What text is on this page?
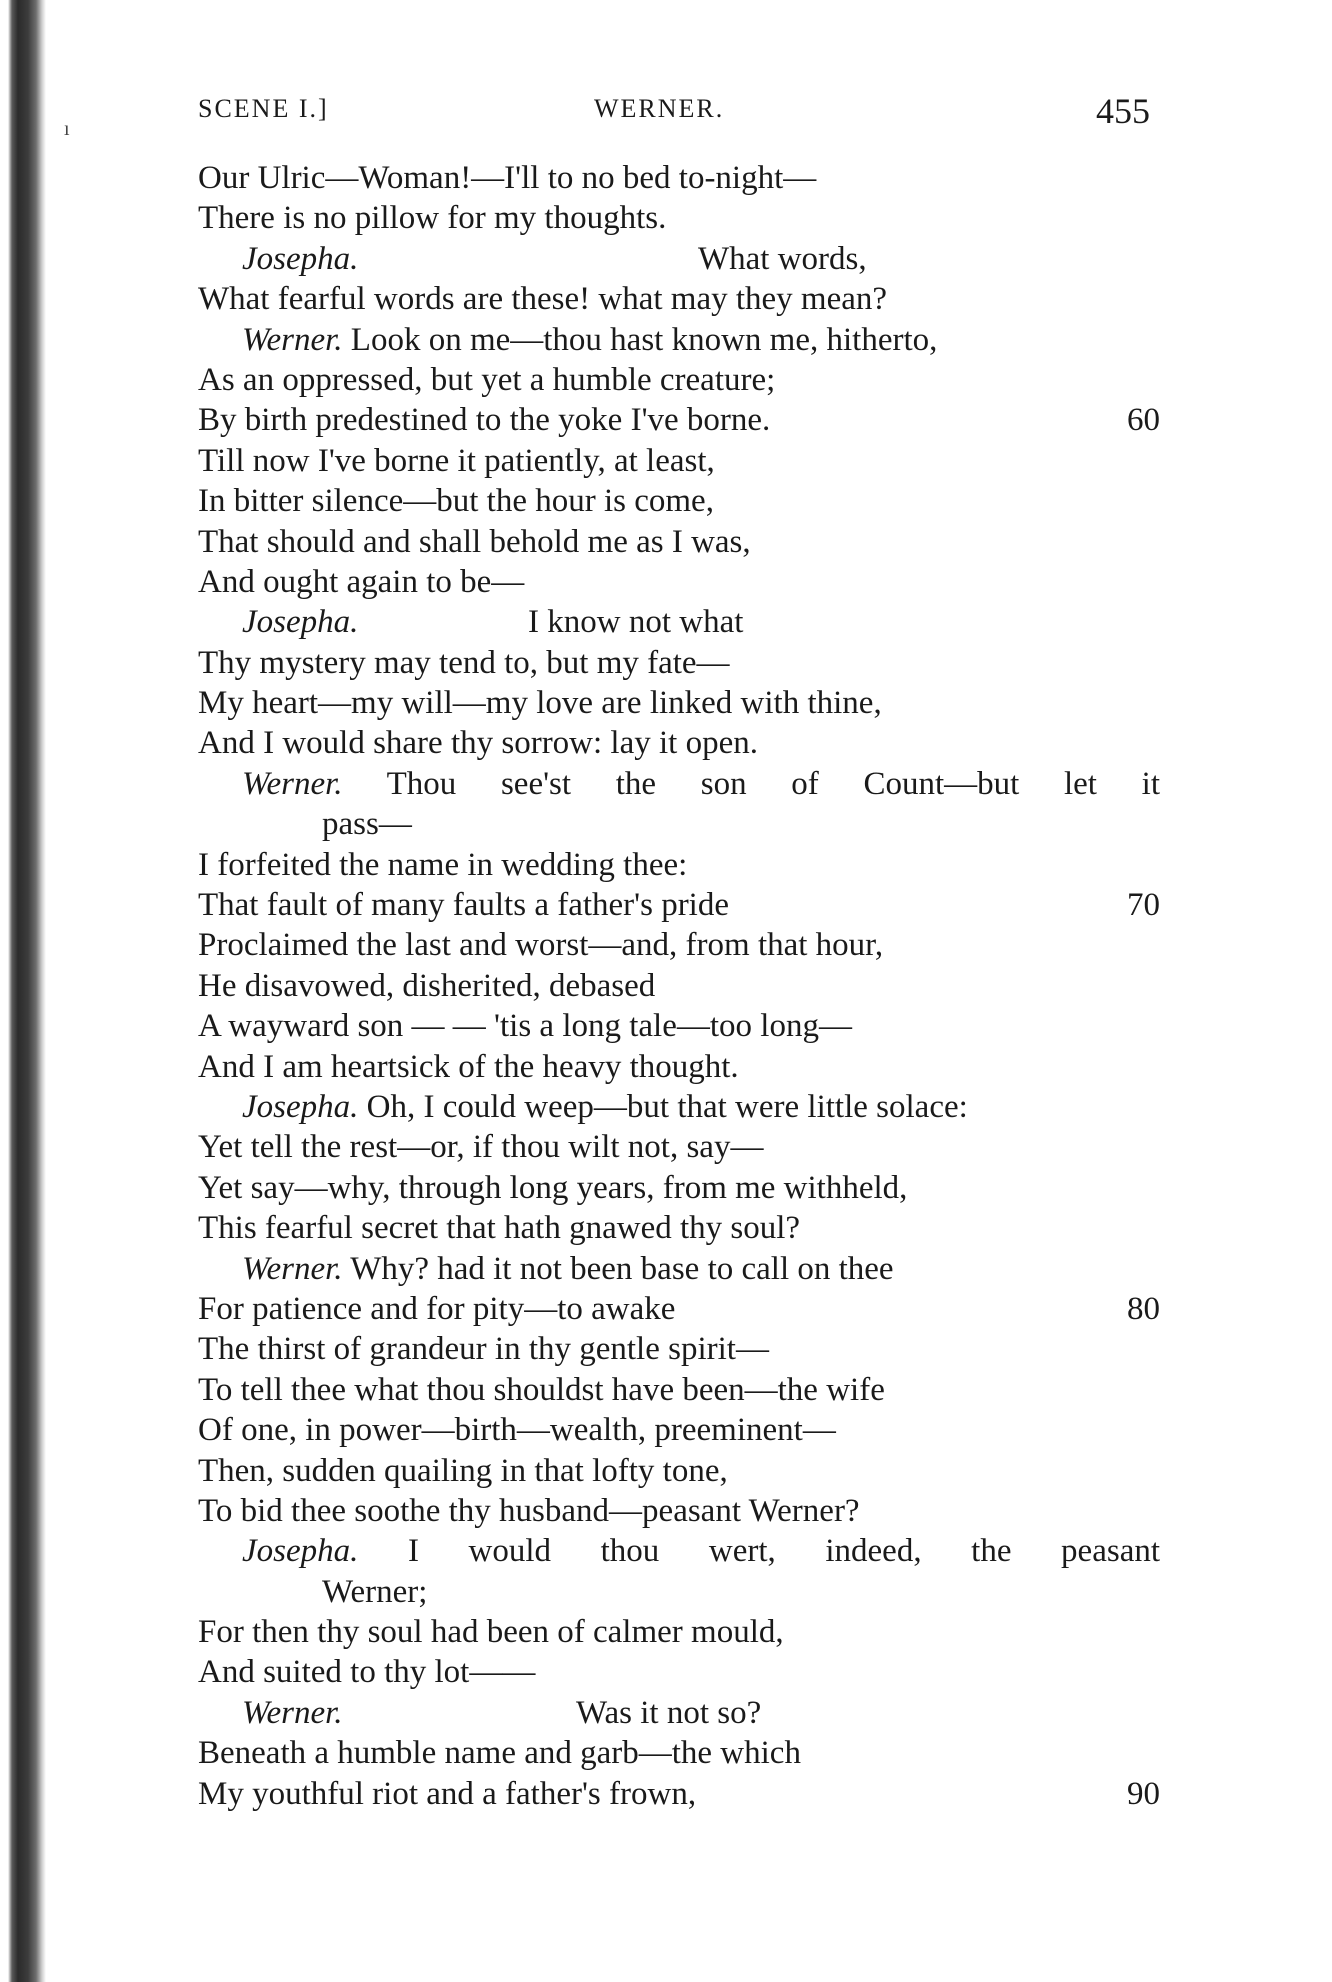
ı
SCENE I.]	WERNER.	455
Our Ulric—Woman!—I'll to no bed to-night—
There is no pillow for my thoughts.
Josepha.	What words,
What fearful words are these! what may they mean?
Werner. Look on me—thou hast known me, hitherto,
As an oppressed, but yet a humble creature;
By birth predestined to the yoke I've borne.	60
Till now I've borne it patiently, at least,
In bitter silence—but the hour is come,
That should and shall behold me as I was,
And ought again to be—
Josepha.	I know not what
Thy mystery may tend to, but my fate—
My heart—my will—my love are linked with thine,
And I would share thy sorrow: lay it open.
Werner. Thou see'st the son of Count—but let it
pass—
I forfeited the name in wedding thee:
That fault of many faults a father's pride	70
Proclaimed the last and worst—and, from that hour,
He disavowed, disherited, debased
A wayward son — — 'tis a long tale—too long—
And I am heartsick of the heavy thought.
Josepha. Oh, I could weep—but that were little solace:
Yet tell the rest—or, if thou wilt not, say—
Yet say—why, through long years, from me withheld,
This fearful secret that hath gnawed thy soul?
Werner. Why? had it not been base to call on thee
For patience and for pity—to awake	80
The thirst of grandeur in thy gentle spirit—
To tell thee what thou shouldst have been—the wife
Of one, in power—birth—wealth, preeminent—
Then, sudden quailing in that lofty tone,
To bid thee soothe thy husband—peasant Werner?
Josepha. I would thou wert, indeed, the peasant
Werner;
For then thy soul had been of calmer mould,
And suited to thy lot——
Werner.	Was it not so?
Beneath a humble name and garb—the which
My youthful riot and a father's frown,	90
